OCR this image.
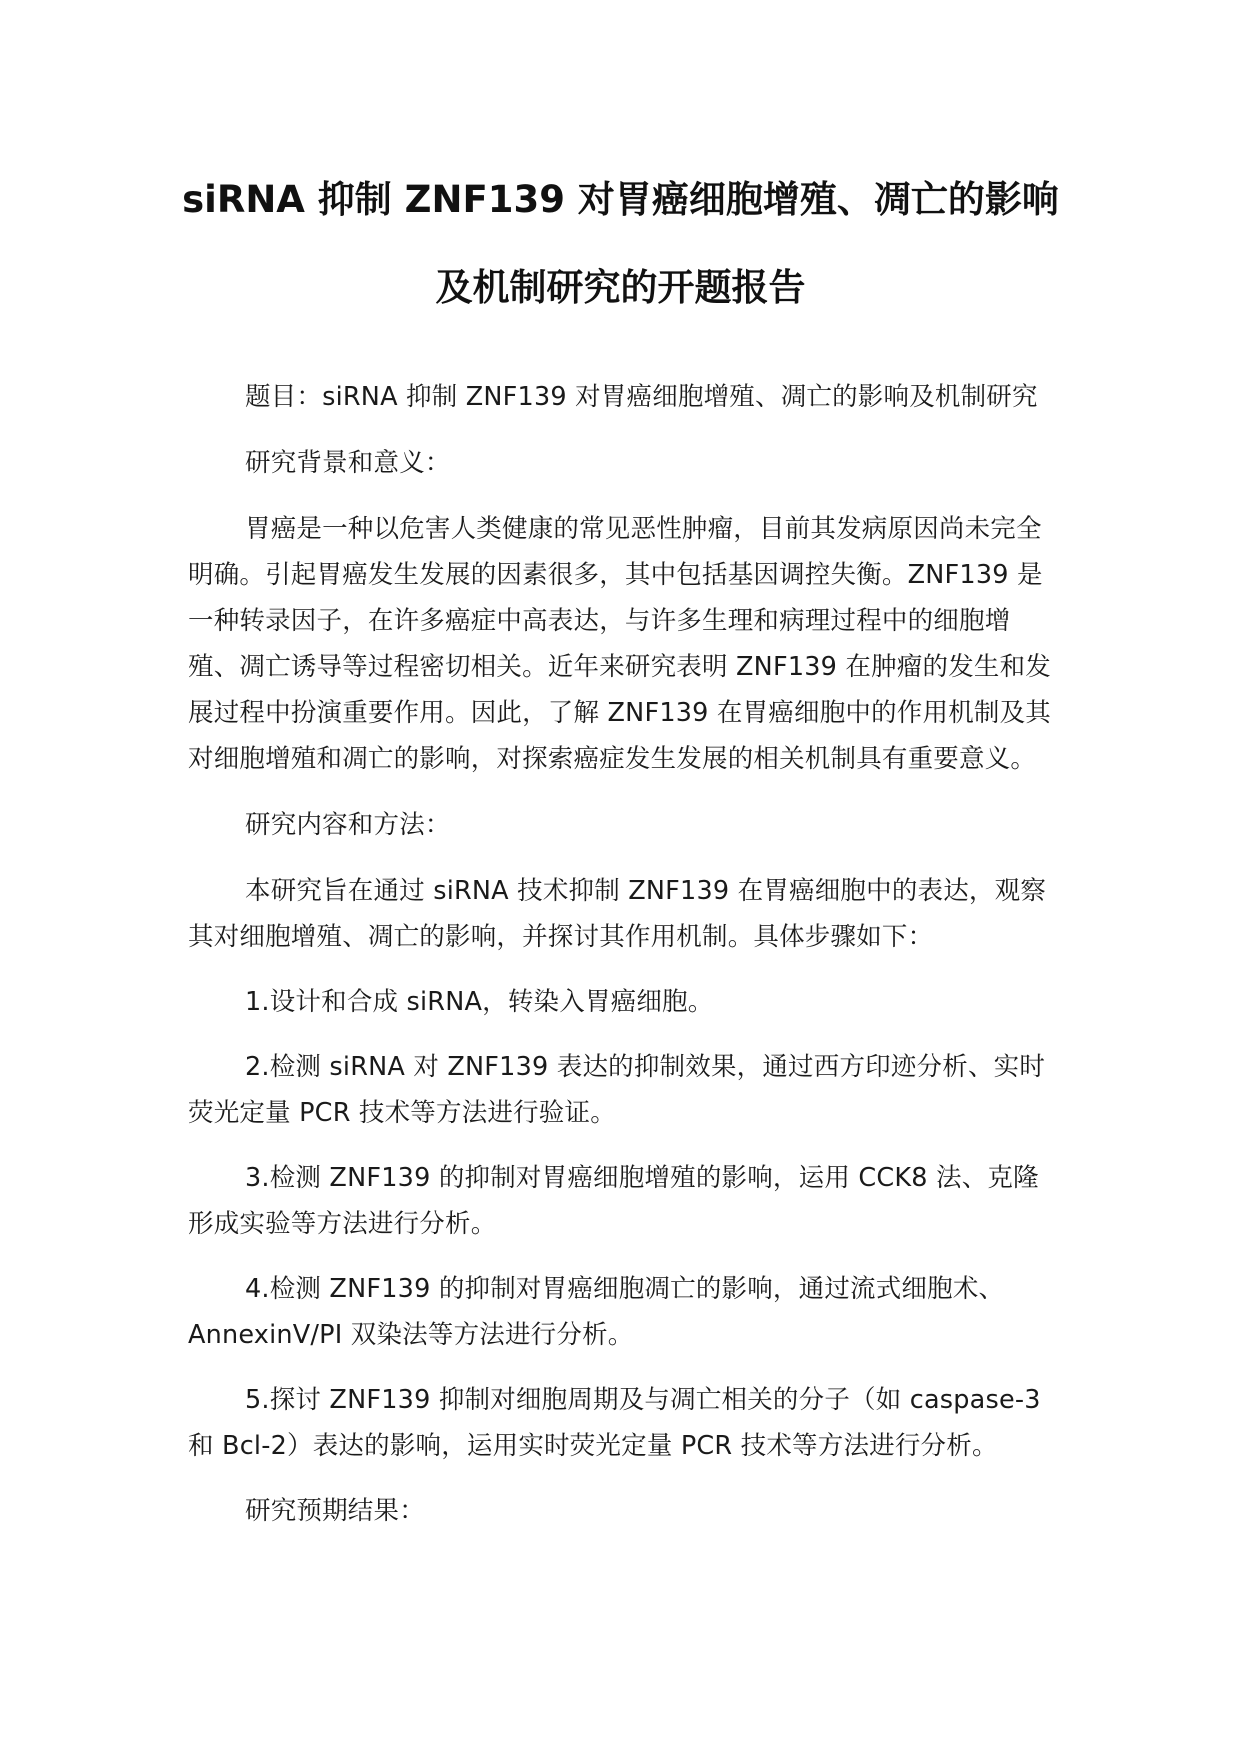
siRNA 抑制 ZNF139 对胃癌细胞增殖、凋亡的影响
及机制研究的开题报告

题目：siRNA 抑制 ZNF139 对胃癌细胞增殖、凋亡的影响及机制研究

研究背景和意义：

胃癌是一种以危害人类健康的常见恶性肿瘤，目前其发病原因尚未完全明确。引起胃癌发生发展的因素很多，其中包括基因调控失衡。ZNF139 是一种转录因子，在许多癌症中高表达，与许多生理和病理过程中的细胞增殖、凋亡诱导等过程密切相关。近年来研究表明 ZNF139 在肿瘤的发生和发展过程中扮演重要作用。因此，了解 ZNF139 在胃癌细胞中的作用机制及其对细胞增殖和凋亡的影响，对探索癌症发生发展的相关机制具有重要意义。

研究内容和方法：

本研究旨在通过 siRNA 技术抑制 ZNF139 在胃癌细胞中的表达，观察其对细胞增殖、凋亡的影响，并探讨其作用机制。具体步骤如下：

1.设计和合成 siRNA，转染入胃癌细胞。

2.检测 siRNA 对 ZNF139 表达的抑制效果，通过西方印迹分析、实时荧光定量 PCR 技术等方法进行验证。

3.检测 ZNF139 的抑制对胃癌细胞增殖的影响，运用 CCK8 法、克隆形成实验等方法进行分析。

4.检测 ZNF139 的抑制对胃癌细胞凋亡的影响，通过流式细胞术、AnnexinV/PI 双染法等方法进行分析。

5.探讨 ZNF139 抑制对细胞周期及与凋亡相关的分子（如 caspase-3 和 Bcl-2）表达的影响，运用实时荧光定量 PCR 技术等方法进行分析。

研究预期结果：
